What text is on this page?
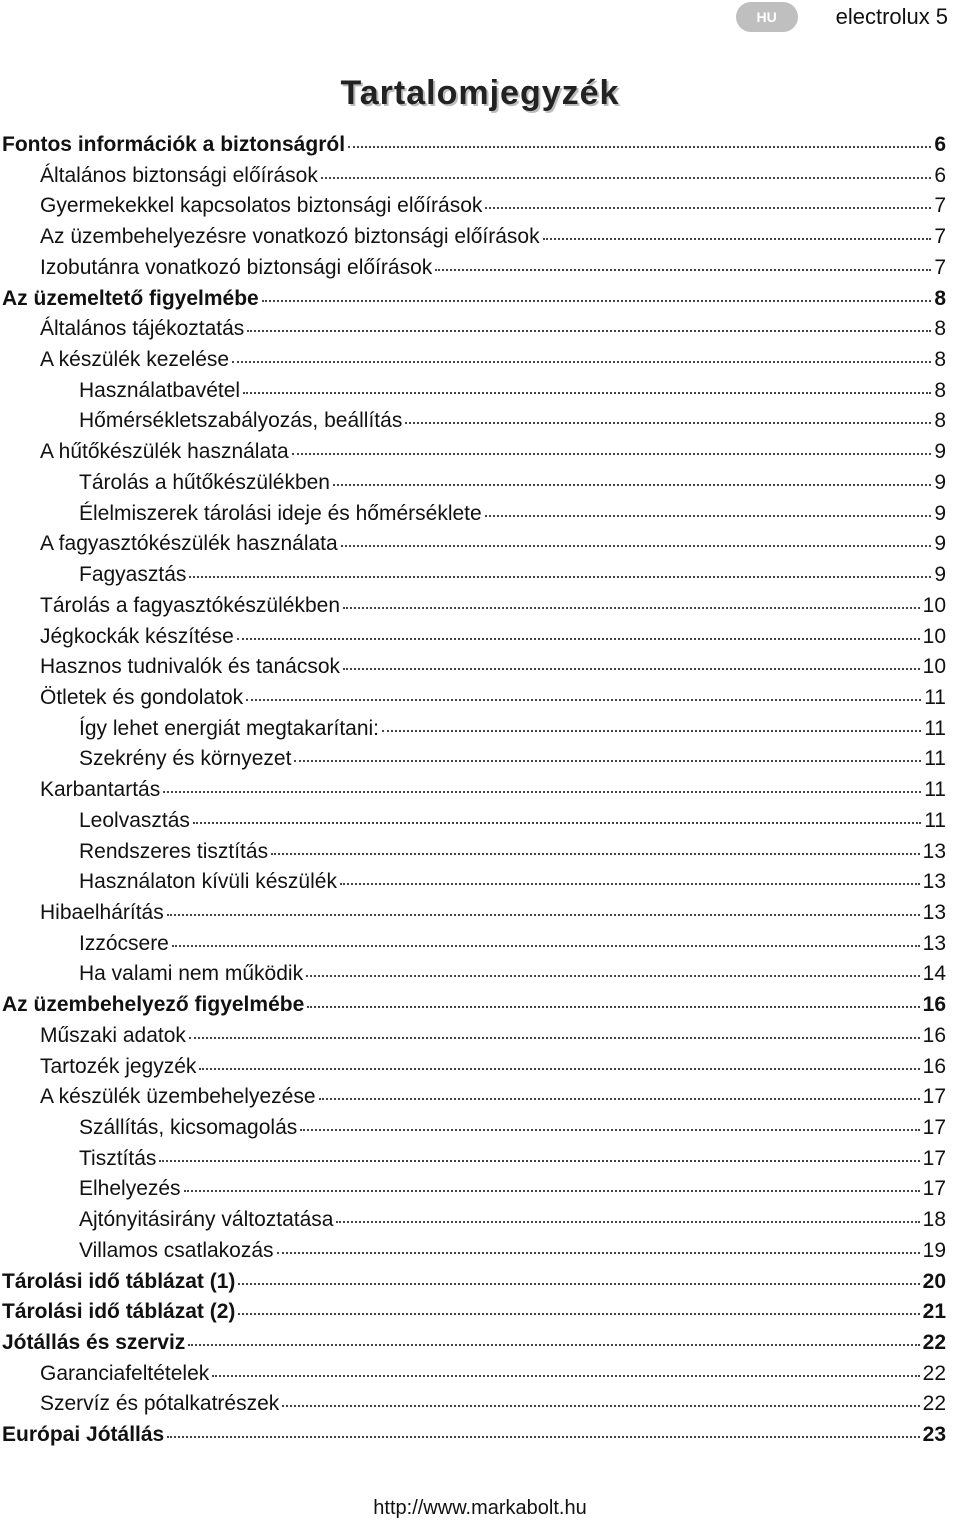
HU	electrolux 5
Tartalomjegyzék
Fontos információk a biztonságról	6
Általános biztonsági előírások	6
Gyermekekkel kapcsolatos biztonsági előírások	7
Az üzembehelyezésre vonatkozó biztonsági előírások	7
Izobutánra vonatkozó biztonsági előírások	7
Az üzemeltető figyelmébe	8
Általános tájékoztatás	8
A készülék kezelése	8
Használatbavétel	8
Hőmérsékletszabályozás, beállítás	8
A hűtőkészülék használata	9
Tárolás a hűtőkészülékben	9
Élelmiszerek tárolási ideje és hőmérséklete	9
A fagyasztókészülék használata	9
Fagyasztás	9
Tárolás a fagyasztókészülékben	10
Jégkockák készítése	10
Hasznos tudnivalók és tanácsok	10
Ötletek és gondolatok	11
Így lehet energiát megtakarítani:	11
Szekrény és környezet	11
Karbantartás	11
Leolvasztás	11
Rendszeres tisztítás	13
Használaton kívüli készülék	13
Hibaelhárítás	13
Izzócsere	13
Ha valami nem működik	14
Az üzembehelyező figyelmébe	16
Műszaki adatok	16
Tartozék jegyzék	16
A készülék üzembehelyezése	17
Szállítás, kicsomagolás	17
Tisztítás	17
Elhelyezés	17
Ajtónyitásirány változtatása	18
Villamos csatlakozás	19
Tárolási idő táblázat (1)	20
Tárolási idő táblázat (2)	21
Jótállás és szerviz	22
Garanciafeltételek	22
Szervíz és pótalkatrészek	22
Európai Jótállás	23
http://www.markabolt.hu
